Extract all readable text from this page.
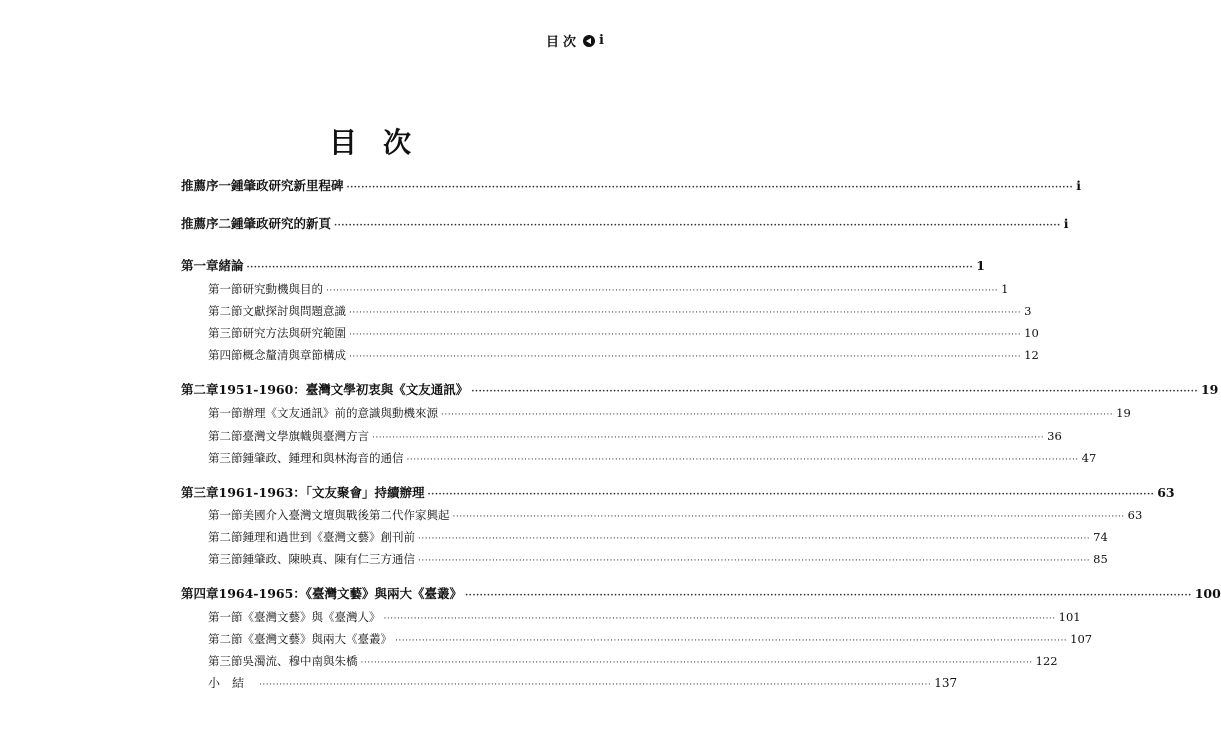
目次 i
目次
推薦序一 鍾肇政研究新里程碑 ········································································································································································································ i
推薦序二 鍾肇政研究的新頁 ········································································································································································································ i
第一章 緒論 ········································································································································································································ 1
第一節 研究動機與目的 ········································································································································································································ 1
第二節 文獻探討與問題意識 ········································································································································································································ 3
第三節 研究方法與研究範圍 ········································································································································································································ 10
第四節 概念釐清與章節構成 ········································································································································································································ 12
第二章 1951-1960：臺灣文學初衷與《文友通訊》 ········································································································································································································ 19
第一節 辦理《文友通訊》前的意識與動機來源 ········································································································································································································ 19
第二節 臺灣文學旗幟與臺灣方言 ········································································································································································································ 36
第三節 鍾肇政、鍾理和與林海音的通信 ········································································································································································································ 47
第三章 1961-1963：「文友聚會」持續辦理 ········································································································································································································ 63
第一節 美國介入臺灣文壇與戰後第二代作家興起 ········································································································································································································ 63
第二節 鍾理和過世到《臺灣文藝》創刊前 ········································································································································································································ 74
第三節 鍾肇政、陳映真、陳有仁三方通信 ········································································································································································································ 85
第四章 1964-1965：《臺灣文藝》與兩大《臺叢》 ········································································································································································································ 100
第一節 《臺灣文藝》與《臺灣人》 ········································································································································································································ 101
第二節 《臺灣文藝》與兩大《臺叢》 ········································································································································································································ 107
第三節 吳濁流、穆中南與朱橋 ········································································································································································································ 122
小結 ········································································································································································································ 137
